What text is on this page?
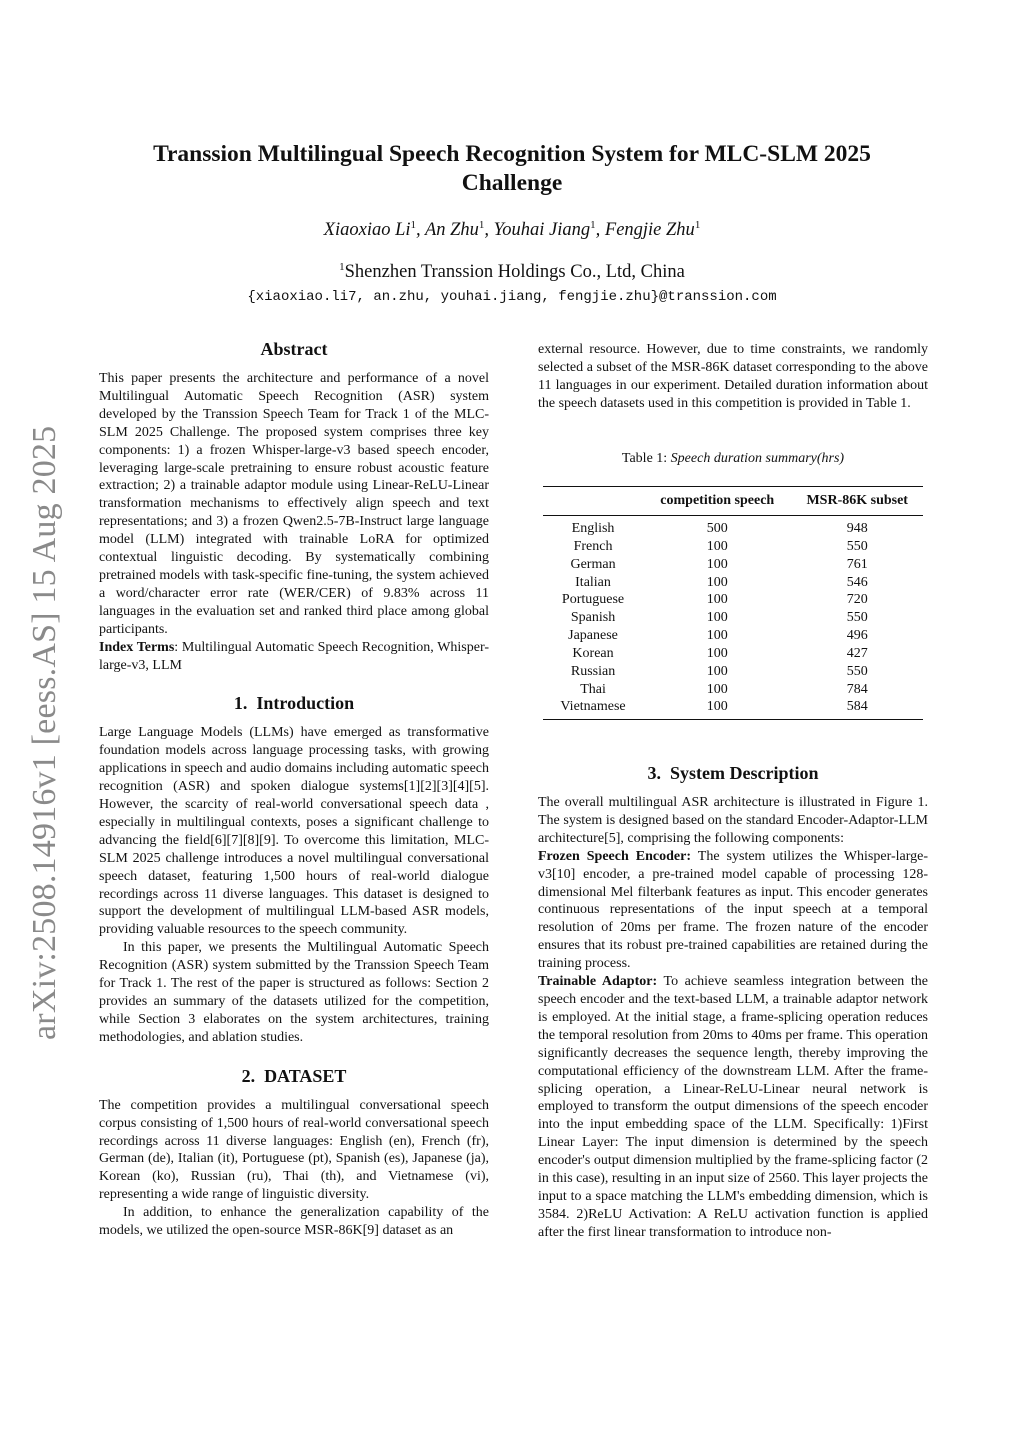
arXiv:2508.14916v1 [eess.AS] 15 Aug 2025
Transsion Multilingual Speech Recognition System for MLC-SLM 2025 Challenge
Xiaoxiao Li$^1$, An Zhu$^1$, Youhai Jiang$^1$, Fengjie Zhu$^1$
$^1$Shenzhen Transsion Holdings Co., Ltd, China
{xiaoxiao.li7, an.zhu, youhai.jiang, fengjie.zhu}@transsion.com
Abstract

This paper presents the architecture and performance of a novel Multilingual Automatic Speech Recognition (ASR) system developed by the Transsion Speech Team for Track 1 of the MLC-SLM 2025 Challenge. The proposed system comprises three key components: 1) a frozen Whisper-large-v3 based speech encoder, leveraging large-scale pretraining to ensure robust acoustic feature extraction; 2) a trainable adaptor module using Linear-ReLU-Linear transformation mechanisms to effectively align speech and text representations; and 3) a frozen Qwen2.5-7B-Instruct large language model (LLM) integrated with trainable LoRA for optimized contextual linguistic decoding. By systematically combining pretrained models with task-specific fine-tuning, the system achieved a word/character error rate (WER/CER) of 9.83% across 11 languages in the evaluation set and ranked third place among global participants.

Index Terms: Multilingual Automatic Speech Recognition, Whisper-large-v3, LLM

1. Introduction

Large Language Models (LLMs) have emerged as transformative foundation models across language processing tasks, with growing applications in speech and audio domains including automatic speech recognition (ASR) and spoken dialogue systems[1][2][3][4][5]. However, the scarcity of real-world conversational speech data , especially in multilingual contexts, poses a significant challenge to advancing the field[6][7][8][9]. To overcome this limitation, MLC-SLM 2025 challenge introduces a novel multilingual conversational speech dataset, featuring 1,500 hours of real-world dialogue recordings across 11 diverse languages. This dataset is designed to support the development of multilingual LLM-based ASR models, providing valuable resources to the speech community.

In this paper, we presents the Multilingual Automatic Speech Recognition (ASR) system submitted by the Transsion Speech Team for Track 1. The rest of the paper is structured as follows: Section 2 provides an summary of the datasets utilized for the competition, while Section 3 elaborates on the system architectures, training methodologies, and ablation studies.

2. DATASET

The competition provides a multilingual conversational speech corpus consisting of 1,500 hours of real-world conversational speech recordings across 11 diverse languages: English (en), French (fr), German (de), Italian (it), Portuguese (pt), Spanish (es), Japanese (ja), Korean (ko), Russian (ru), Thai (th), and Vietnamese (vi), representing a wide range of linguistic diversity.

In addition, to enhance the generalization capability of the models, we utilized the open-source MSR-86K[9] dataset as an

external resource. However, due to time constraints, we randomly selected a subset of the MSR-86K dataset corresponding to the above 11 languages in our experiment. Detailed duration information about the speech datasets used in this competition is provided in Table 1.

Table 1: Speech duration summary(hrs)
	competition speech	MSR-86K subset
English	500	948
French	100	550
German	100	761
Italian	100	546
Portuguese	100	720
Spanish	100	550
Japanese	100	496
Korean	100	427
Russian	100	550
Thai	100	784
Vietnamese	100	584
3. System Description

The overall multilingual ASR architecture is illustrated in Figure 1. The system is designed based on the standard Encoder-Adaptor-LLM architecture[5], comprising the following components:

Frozen Speech Encoder: The system utilizes the Whisper-large-v3[10] encoder, a pre-trained model capable of processing 128-dimensional Mel filterbank features as input. This encoder generates continuous representations of the input speech at a temporal resolution of 20ms per frame. The frozen nature of the encoder ensures that its robust pre-trained capabilities are retained during the training process.

Trainable Adaptor: To achieve seamless integration between the speech encoder and the text-based LLM, a trainable adaptor network is employed. At the initial stage, a frame-splicing operation reduces the temporal resolution from 20ms to 40ms per frame. This operation significantly decreases the sequence length, thereby improving the computational efficiency of the downstream LLM. After the frame-splicing operation, a Linear-ReLU-Linear neural network is employed to transform the output dimensions of the speech encoder into the input embedding space of the LLM. Specifically: 1)First Linear Layer: The input dimension is determined by the speech encoder's output dimension multiplied by the frame-splicing factor (2 in this case), resulting in an input size of 2560. This layer projects the input to a space matching the LLM's embedding dimension, which is 3584. 2)ReLU Activation: A ReLU activation function is applied after the first linear transformation to introduce non-
